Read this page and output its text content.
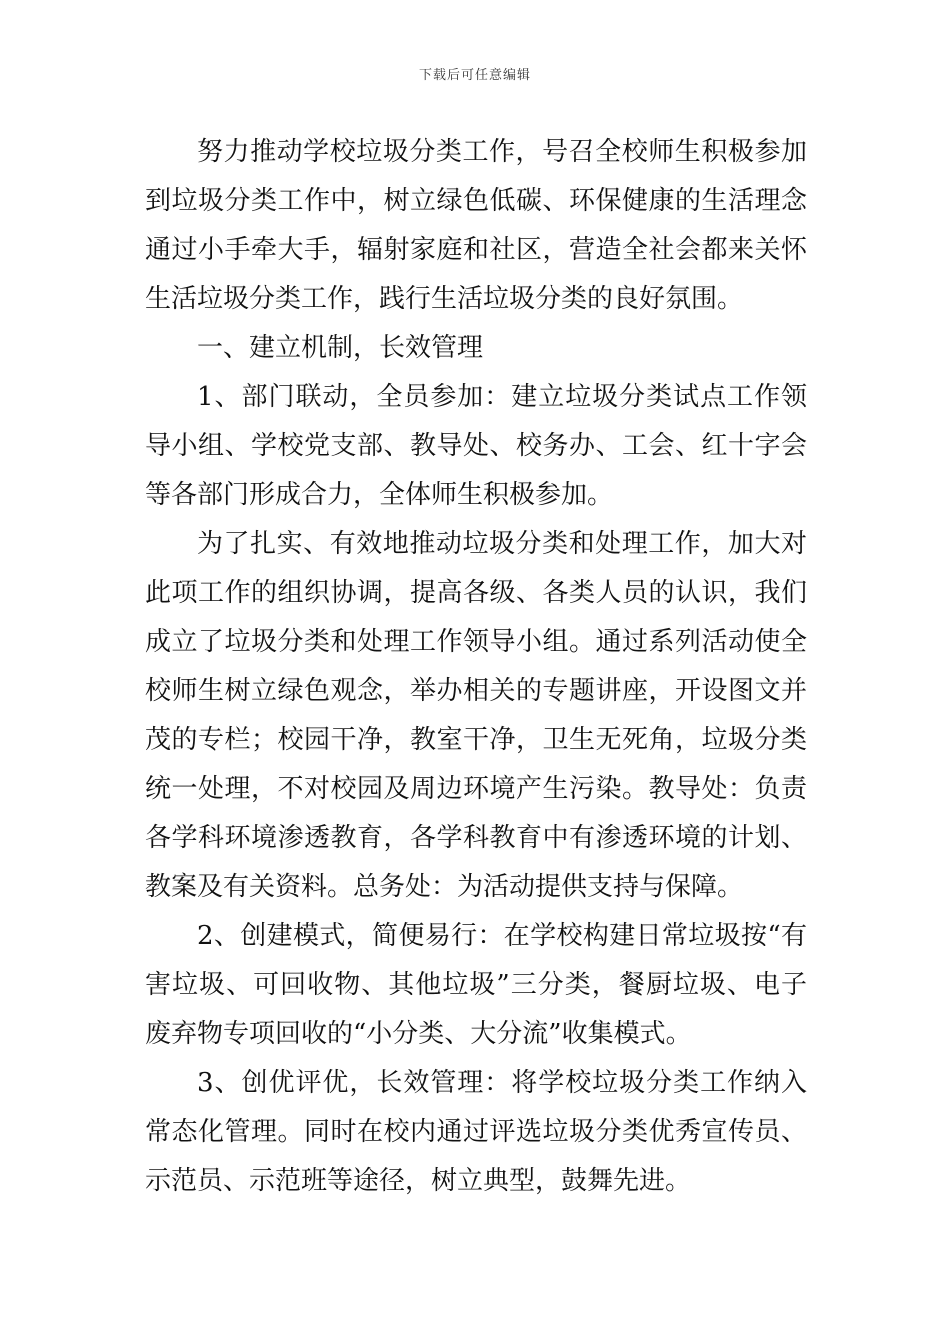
下载后可任意编辑

努力推动学校垃圾分类工作，号召全校师生积极参加到垃圾分类工作中，树立绿色低碳、环保健康的生活理念通过小手牵大手，辐射家庭和社区，营造全社会都来关怀生活垃圾分类工作，践行生活垃圾分类的良好氛围。

一、建立机制，长效管理

1、部门联动，全员参加：建立垃圾分类试点工作领导小组、学校党支部、教导处、校务办、工会、红十字会等各部门形成合力，全体师生积极参加。

为了扎实、有效地推动垃圾分类和处理工作，加大对此项工作的组织协调，提高各级、各类人员的认识，我们成立了垃圾分类和处理工作领导小组。通过系列活动使全校师生树立绿色观念，举办相关的专题讲座，开设图文并茂的专栏；校园干净，教室干净，卫生无死角，垃圾分类统一处理，不对校园及周边环境产生污染。教导处：负责各学科环境渗透教育，各学科教育中有渗透环境的计划、教案及有关资料。总务处：为活动提供支持与保障。

2、创建模式，简便易行：在学校构建日常垃圾按“有害垃圾、可回收物、其他垃圾”三分类，餐厨垃圾、电子废弃物专项回收的“小分类、大分流”收集模式。

3、创优评优，长效管理：将学校垃圾分类工作纳入常态化管理。同时在校内通过评选垃圾分类优秀宣传员、示范员、示范班等途径，树立典型，鼓舞先进。
